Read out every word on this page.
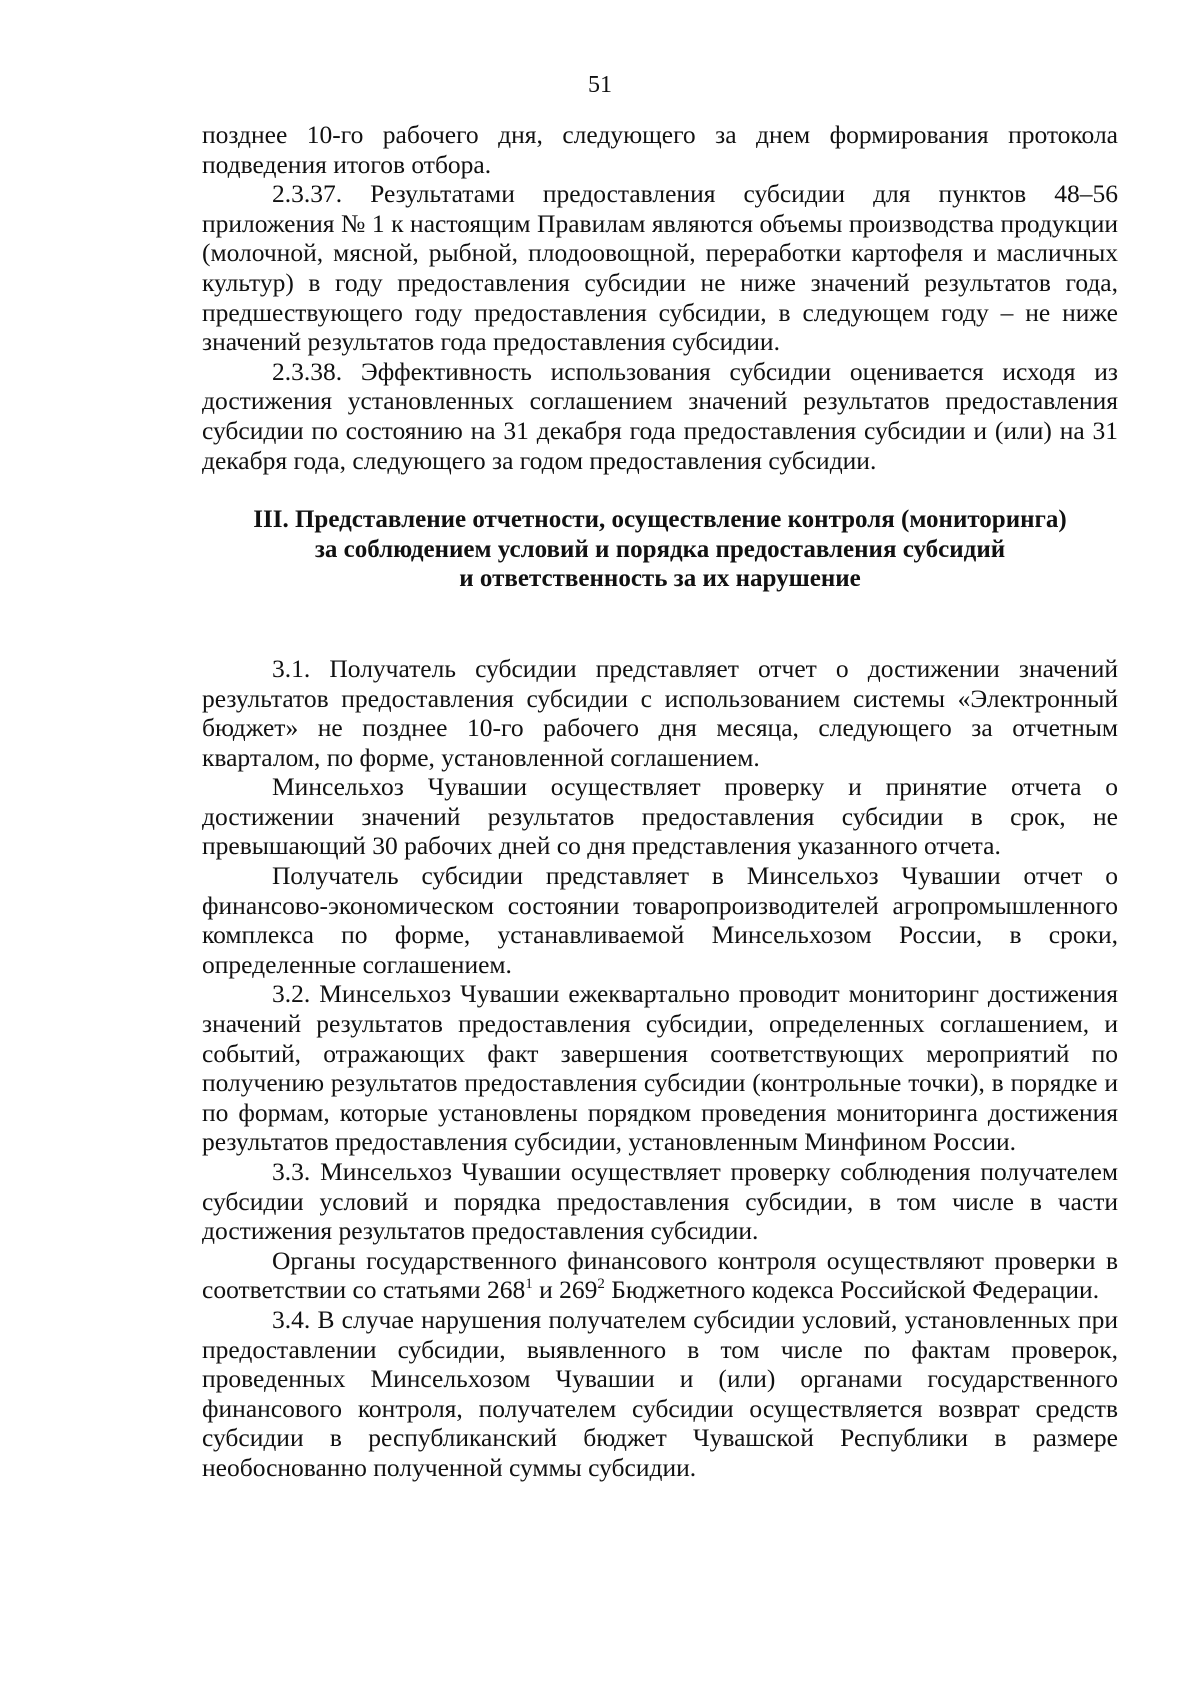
51

позднее 10-го рабочего дня, следующего за днем формирования протокола подведения итогов отбора.

2.3.37. Результатами предоставления субсидии для пунктов 48–56 приложения № 1 к настоящим Правилам являются объемы производства продукции (молочной, мясной, рыбной, плодоовощной, переработки картофеля и масличных культур) в году предоставления субсидии не ниже значений результатов года, предшествующего году предоставления субсидии, в следующем году – не ниже значений результатов года предоставления субсидии.

2.3.38. Эффективность использования субсидии оценивается исходя из достижения установленных соглашением значений результатов предоставления субсидии по состоянию на 31 декабря года предоставления субсидии и (или) на 31 декабря года, следующего за годом предоставления субсидии.

III. Представление отчетности, осуществление контроля (мониторинга)
за соблюдением условий и порядка предоставления субсидий
и ответственность за их нарушение

3.1. Получатель субсидии представляет отчет о достижении значений результатов предоставления субсидии с использованием системы «Электронный бюджет» не позднее 10-го рабочего дня месяца, следующего за отчетным кварталом, по форме, установленной соглашением.

Минсельхоз Чувашии осуществляет проверку и принятие отчета о достижении значений результатов предоставления субсидии в срок, не превышающий 30 рабочих дней со дня представления указанного отчета.

Получатель субсидии представляет в Минсельхоз Чувашии отчет о финансово-экономическом состоянии товаропроизводителей агропромышленного комплекса по форме, устанавливаемой Минсельхозом России, в сроки, определенные соглашением.

3.2. Минсельхоз Чувашии ежеквартально проводит мониторинг достижения значений результатов предоставления субсидии, определенных соглашением, и событий, отражающих факт завершения соответствующих мероприятий по получению результатов предоставления субсидии (контрольные точки), в порядке и по формам, которые установлены порядком проведения мониторинга достижения результатов предоставления субсидии, установленным Минфином России.

3.3. Минсельхоз Чувашии осуществляет проверку соблюдения получателем субсидии условий и порядка предоставления субсидии, в том числе в части достижения результатов предоставления субсидии.

Органы государственного финансового контроля осуществляют проверки в соответствии со статьями $268^1$ и $269^2$ Бюджетного кодекса Российской Федерации.

3.4. В случае нарушения получателем субсидии условий, установленных при предоставлении субсидии, выявленного в том числе по фактам проверок, проведенных Минсельхозом Чувашии и (или) органами государственного финансового контроля, получателем субсидии осуществляется возврат средств субсидии в республиканский бюджет Чувашской Республики в размере необоснованно полученной суммы субсидии.
